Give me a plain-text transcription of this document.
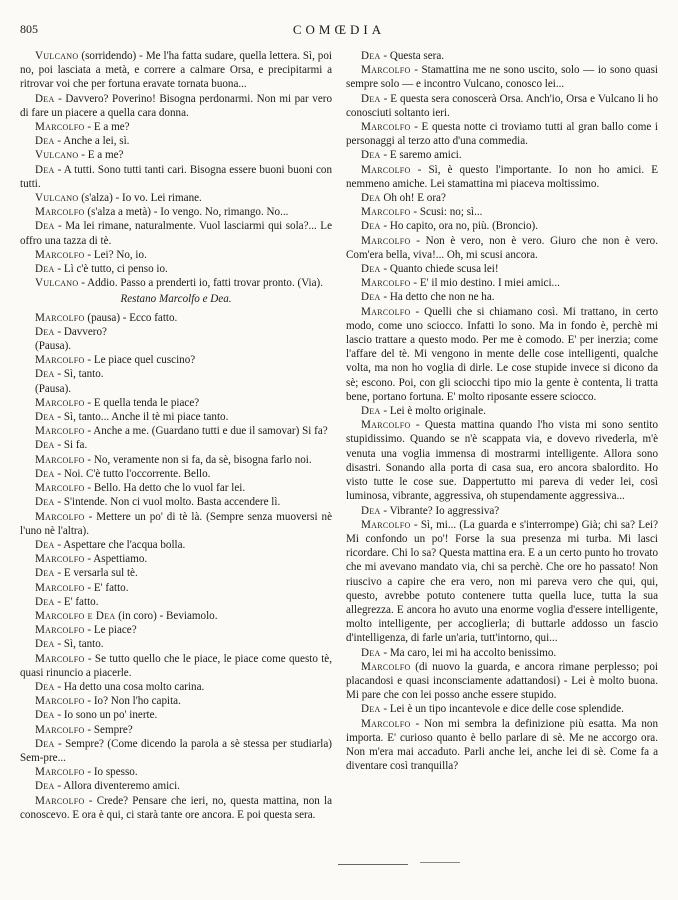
805	COMŒDIA

Vulcano (sorridendo) - Me l'ha fatta sudare, quella lettera. Sì, poi no, poi lasciata a metà, e correre a calmare Orsa, e precipitarmi a ritrovar voi che per fortuna eravate tornata buona...

Dea - Davvero? Poverino! Bisogna perdonarmi. Non mi par vero di fare un piacere a quella cara donna.

Marcolfo - E a me?

Dea - Anche a lei, sì.

Vulcano - E a me?

Dea - A tutti. Sono tutti tanti cari. Bisogna essere buoni buoni con tutti.

Vulcano (s'alza) - Io vo. Lei rimane.

Marcolfo (s'alza a metà) - Io vengo. No, rimango. No...

Dea - Ma lei rimane, naturalmente. Vuol lasciarmi qui sola?... Le offro una tazza di tè.

Marcolfo - Lei? No, io.

Dea - Lì c'è tutto, ci penso io.

Vulcano - Addio. Passo a prenderti io, fatti trovar pronto. (Via).

Restano Marcolfo e Dea.

Marcolfo (pausa) - Ecco fatto.

Dea - Davvero?

(Pausa).

Marcolfo - Le piace quel cuscino?

Dea - Sì, tanto.

(Pausa).

Marcolfo - E quella tenda le piace?

Dea - Sì, tanto... Anche il tè mi piace tanto.

Marcolfo - Anche a me. (Guardano tutti e due il samovar) Si fa?

Dea - Si fa.

Marcolfo - No, veramente non si fa, da sè, bisogna farlo noi.

Dea - Noi. C'è tutto l'occorrente. Bello.

Marcolfo - Bello. Ha detto che lo vuol far lei.

Dea - S'intende. Non ci vuol molto. Basta accendere lì.

Marcolfo - Mettere un po' di tè là. (Sempre senza muoversi nè l'uno nè l'altra).

Dea - Aspettare che l'acqua bolla.

Marcolfo - Aspettiamo.

Dea - E versarla sul tè.

Marcolfo - E' fatto.

Dea - E' fatto.

Marcolfo e Dea (in coro) - Beviamolo.

Marcolfo - Le piace?

Dea - Sì, tanto.

Marcolfo - Se tutto quello che le piace, le piace come questo tè, quasi rinuncio a piacerle.

Dea - Ha detto una cosa molto carina.

Marcolfo - Io? Non l'ho capita.

Dea - Io sono un po' inerte.

Marcolfo - Sempre?

Dea - Sempre? (Come dicendo la parola a sè stessa per studiarla) Sem-pre...

Marcolfo - Io spesso.

Dea - Allora diventeremo amici.

Marcolfo - Crede? Pensare che ieri, no, questa mattina, non la conoscevo. E ora è qui, ci starà tante ore ancora. E poi questa sera.

Dea - Questa sera.

Marcolfo - Stamattina me ne sono uscito, solo — io sono quasi sempre solo — e incontro Vulcano, conosco lei...

Dea - E questa sera conoscerà Orsa. Anch'io, Orsa e Vulcano li ho conosciuti soltanto ieri.

Marcolfo - E questa notte ci troviamo tutti al gran ballo come i personaggi al terzo atto d'una commedia.

Dea - E saremo amici.

Marcolfo - Sì, è questo l'importante. Io non ho amici. E nemmeno amiche. Lei stamattina mi piaceva moltissimo.

Dea Oh oh! E ora?

Marcolfo - Scusi: no; sì...

Dea - Ho capito, ora no, più. (Broncio).

Marcolfo - Non è vero, non è vero. Giuro che non è vero. Com'era bella, viva!... Oh, mi scusi ancora.

Dea - Quanto chiede scusa lei!

Marcolfo - E' il mio destino. I miei amici...

Dea - Ha detto che non ne ha.

Marcolfo - Quelli che si chiamano così. Mi trattano, in certo modo, come uno sciocco. Infatti lo sono. Ma in fondo è, perchè mi lascio trattare a questo modo. Per me è comodo. E' per inerzia; come l'affare del tè. Mi vengono in mente delle cose intelligenti, qualche volta, ma non ho voglia di dirle. Le cose stupide invece si dicono da sè; escono. Poi, con gli sciocchi tipo mio la gente è contenta, li tratta bene, portano fortuna. E' molto riposante essere sciocco.

Dea - Lei è molto originale.

Marcolfo - Questa mattina quando l'ho vista mi sono sentito stupidissimo. Quando se n'è scappata via, e dovevo rivederla, m'è venuta una voglia immensa di mostrarmi intelligente. Allora sono disastri. Sonando alla porta di casa sua, ero ancora sbalordito. Ho visto tutte le cose sue. Dappertutto mi pareva di veder lei, così luminosa, vibrante, aggressiva, oh stupendamente aggressiva...

Dea - Vibrante? Io aggressiva?

Marcolfo - Sì, mi... (La guarda e s'interrompe) Già; chi sa? Lei? Mi confondo un po'! Forse la sua presenza mi turba. Mi lasci ricordare. Chi lo sa? Questa mattina era. E a un certo punto ho trovato che mi avevano mandato via, chi sa perchè. Che ore ho passato! Non riuscivo a capire che era vero, non mi pareva vero che qui, qui, questo, avrebbe potuto contenere tutta quella luce, tutta la sua allegrezza. E ancora ho avuto una enorme voglia d'essere intelligente, molto intelligente, per accoglierla; di buttarle addosso un fascio d'intelligenza, di farle un'aria, tutt'intorno, qui...

Dea - Ma caro, lei mi ha accolto benissimo.

Marcolfo (di nuovo la guarda, e ancora rimane perplesso; poi placandosi e quasi inconsciamente adattandosi) - Lei è molto buona. Mi pare che con lei posso anche essere stupido.

Dea - Lei è un tipo incantevole e dice delle cose splendide.

Marcolfo - Non mi sembra la definizione più esatta. Ma non importa. E' curioso quanto è bello parlare di sè. Me ne accorgo ora. Non m'era mai accaduto. Parli anche lei, anche lei di sè. Come fa a diventare così tranquilla?
